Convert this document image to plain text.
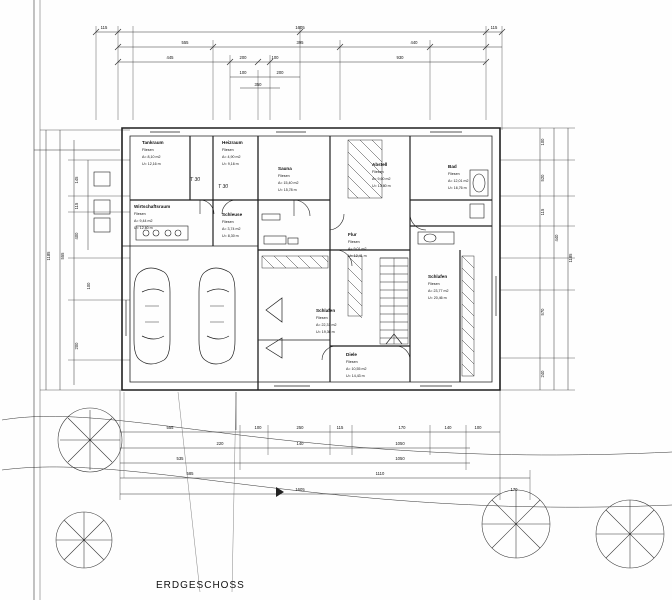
Tankraum
Fliesen
A= 8,10 m2
U= 12,16 m
Heizraum
Fliesen
A= 4,90 m2
U= 9,16 m
Wirtschaftsraum
Fliesen
A= 9,44 m2
U= 12,60 m
Schleuse
Fliesen
A= 3,74 m2
U= 8,30 m
Sauna
Fliesen
A= 15,40 m2
U= 15,78 m
Abstell
Fliesen
A= 9,60 m2
U= 13,80 m
Bad
Fliesen
A= 12,01 m2
U= 16,76 m
Flur
Fliesen
A= 9,01 m2
U= 12,41 m
Schlafen
Fliesen
A= 22,31 m2
U= 19,36 m
Schlafen
Fliesen
A= 23,77 m2
U= 20,46 m
Diele
Fliesen
A= 10,55 m2
U= 14,43 m
T 30
T 30
115	1605	115
555	395	440
445	200	100	930
100	200
350
145
115
400
555
1185
200
100
100
520
115
440
1185
570
240
555	100	250	115	170	140	100
220	140	1050
535	1050
585	1110
170
1605
ERDGESCHOSS
